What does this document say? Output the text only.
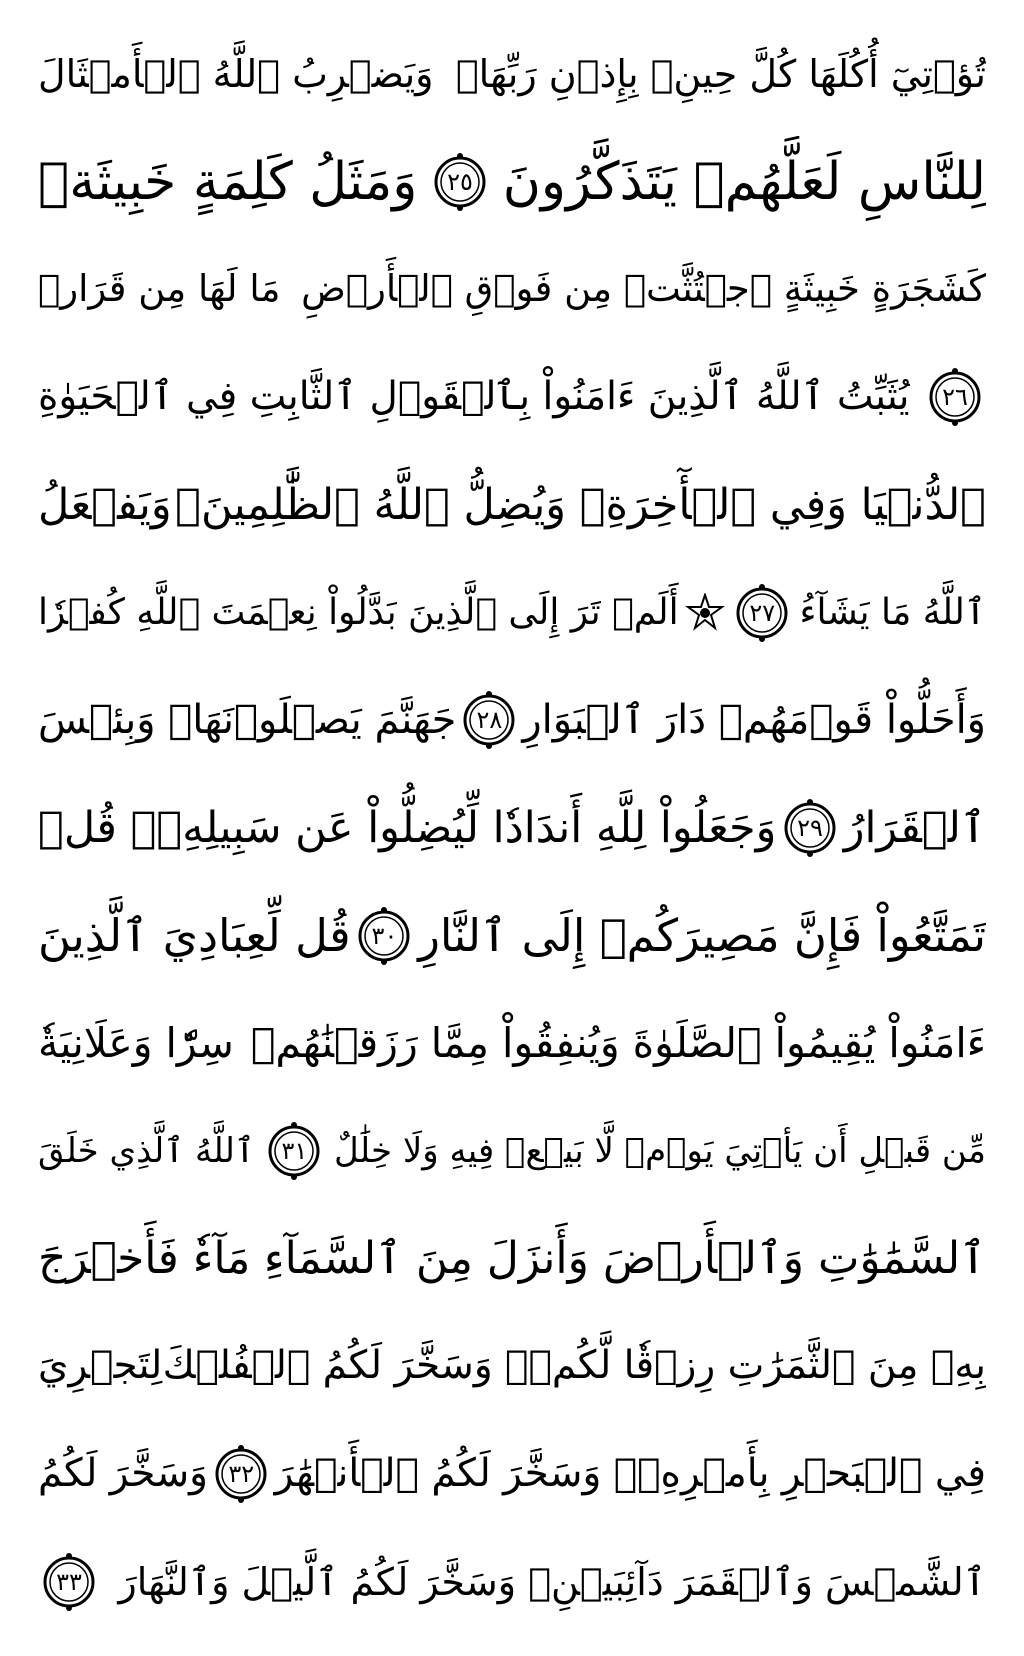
تُؤۡتِيٓ أُكُلَهَا كُلَّ حِينِۭ بِإِذۡنِ رَبِّهَاۗ
وَيَضۡرِبُ ٱللَّهُ ٱلۡأَمۡثَالَ
لِلنَّاسِ لَعَلَّهُمۡ يَتَذَكَّرُونَ
٢٥
وَمَثَلُ كَلِمَةٍ خَبِيثَةٖ
كَشَجَرَةٍ خَبِيثَةٍ ٱجۡتُثَّتۡ مِن فَوۡقِ ٱلۡأَرۡضِ
مَا لَهَا مِن قَرَارٖ
٢٦
يُثَبِّتُ ٱللَّهُ ٱلَّذِينَ ءَامَنُواْ بِٱلۡقَوۡلِ ٱلثَّابِتِ فِي ٱلۡحَيَوٰةِ
ٱلدُّنۡيَا وَفِي ٱلۡأٓخِرَةِۖ وَيُضِلُّ ٱللَّهُ ٱلظَّٰلِمِينَۚ
وَيَفۡعَلُ
ٱللَّهُ مَا يَشَآءُ
٢٧
أَلَمۡ تَرَ إِلَى ٱلَّذِينَ بَدَّلُواْ نِعۡمَتَ ٱللَّهِ كُفۡرٗا
وَأَحَلُّواْ قَوۡمَهُمۡ دَارَ ٱلۡبَوَارِ
٢٨
جَهَنَّمَ يَصۡلَوۡنَهَاۖ وَبِئۡسَ
ٱلۡقَرَارُ
٢٩
وَجَعَلُواْ لِلَّهِ أَندَادٗا لِّيُضِلُّواْ عَن سَبِيلِهِۦۗ قُلۡ
تَمَتَّعُواْ فَإِنَّ مَصِيرَكُمۡ إِلَى ٱلنَّارِ
٣٠
قُل لِّعِبَادِيَ ٱلَّذِينَ
ءَامَنُواْ يُقِيمُواْ ٱلصَّلَوٰةَ وَيُنفِقُواْ مِمَّا رَزَقۡنَٰهُمۡ
سِرّٗا وَعَلَانِيَةٗ
مِّن قَبۡلِ أَن يَأۡتِيَ يَوۡمٞ لَّا بَيۡعٞ فِيهِ وَلَا خِلَٰلٌ
٣١
ٱللَّهُ ٱلَّذِي خَلَقَ
ٱلسَّمَٰوَٰتِ وَٱلۡأَرۡضَ وَأَنزَلَ مِنَ ٱلسَّمَآءِ
مَآءٗ فَأَخۡرَجَ
بِهِۦ مِنَ ٱلثَّمَرَٰتِ رِزۡقٗا لَّكُمۡۖ وَسَخَّرَ لَكُمُ ٱلۡفُلۡكَ
لِتَجۡرِيَ
فِي ٱلۡبَحۡرِ بِأَمۡرِهِۦۖ وَسَخَّرَ لَكُمُ ٱلۡأَنۡهَٰرَ
٣٢
وَسَخَّرَ لَكُمُ
ٱلشَّمۡسَ وَٱلۡقَمَرَ دَآئِبَيۡنِۖ وَسَخَّرَ لَكُمُ ٱلَّيۡلَ وَٱلنَّهَارَ
٣٣
